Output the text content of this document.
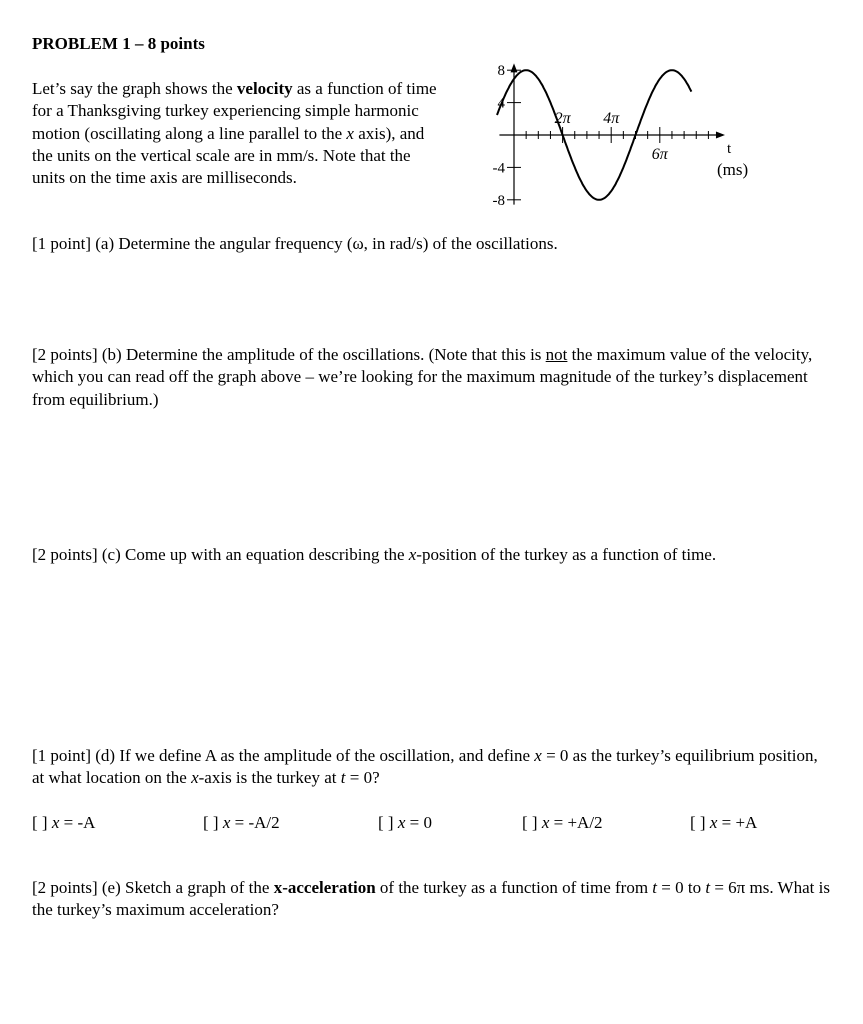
PROBLEM 1 – 8 points
Let’s say the graph shows the velocity as a function of time for a Thanksgiving turkey experiencing simple harmonic motion (oscillating along a line parallel to the x axis), and the units on the vertical scale are in mm/s. Note that the units on the time axis are milliseconds.
8
4
-4
-8
2π 4π
6π	t
(ms)
[1 point] (a) Determine the angular frequency (ω, in rad/s) of the oscillations.
[2 points] (b) Determine the amplitude of the oscillations. (Note that this is not the maximum value of the velocity, which you can read off the graph above – we’re looking for the maximum magnitude of the turkey’s displacement from equilibrium.)
[2 points] (c) Come up with an equation describing the x-position of the turkey as a function of time.
[1 point] (d) If we define A as the amplitude of the oscillation, and define x = 0 as the turkey’s equilibrium position, at what location on the x-axis is the turkey at t = 0?
[ ] x = -A	[ ] x = -A/2	[ ] x = 0	[ ] x = +A/2	[ ] x = +A
[2 points] (e) Sketch a graph of the x-acceleration of the turkey as a function of time from t = 0 to t = 6π ms. What is the turkey’s maximum acceleration?
